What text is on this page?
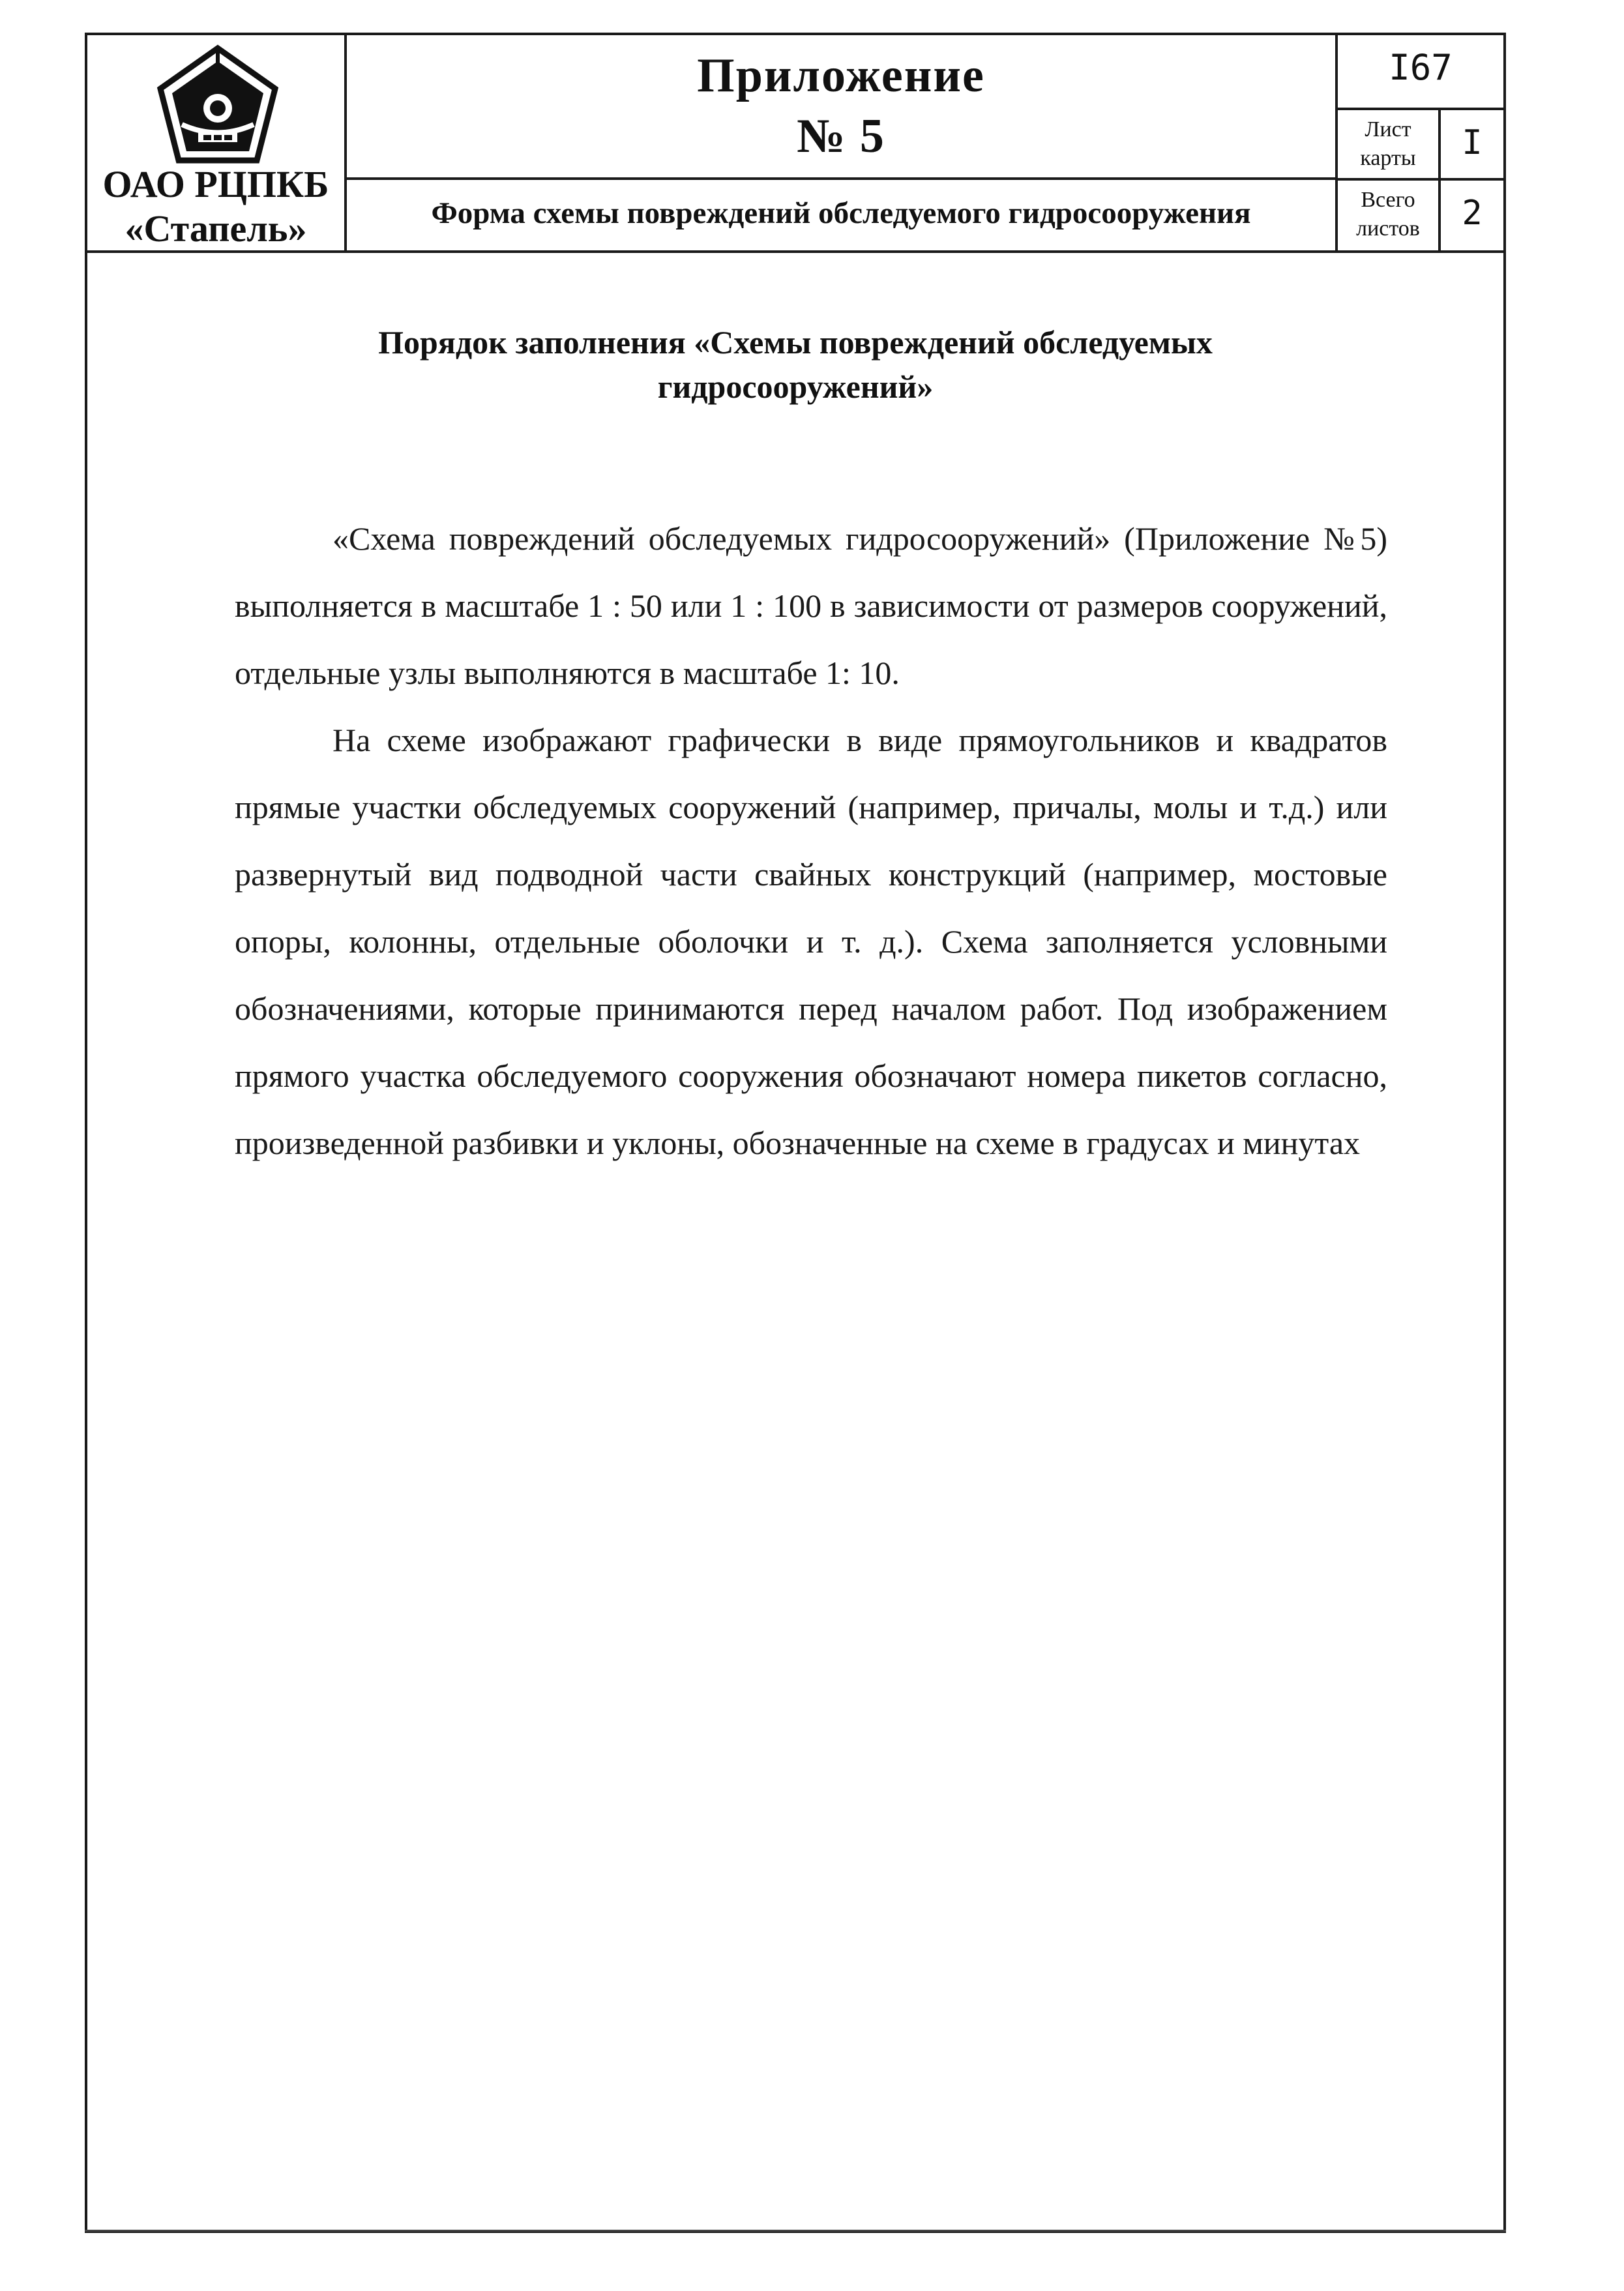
ОАО РЦПКБ
«Стапель»
Приложение
№ 5
Форма схемы повреждений обследуемого гидросооружения
I67
Лист карты	I
Всего листов	2
Порядок заполнения «Схемы повреждений обследуемых
гидросооружений»

«Схема повреждений обследуемых гидросооружений» (Приложение №5) выполняется в масштабе 1 : 50 или 1 : 100 в зависимости от размеров сооружений, отдельные узлы выполняются в масштабе 1: 10.

На схеме изображают графически в виде прямоугольников и квадратов прямые участки обследуемых сооружений (например, причалы, молы и т.д.) или развернутый вид подводной части свайных конструкций (например, мостовые опоры, колонны, отдельные оболочки и т. д.). Схема заполняется условными обозначениями, которые принимаются перед началом работ. Под изображением прямого участка обследуемого сооружения обозначают номера пикетов согласно, произведенной разбивки и уклоны, обозначенные на схеме в градусах и минутах
